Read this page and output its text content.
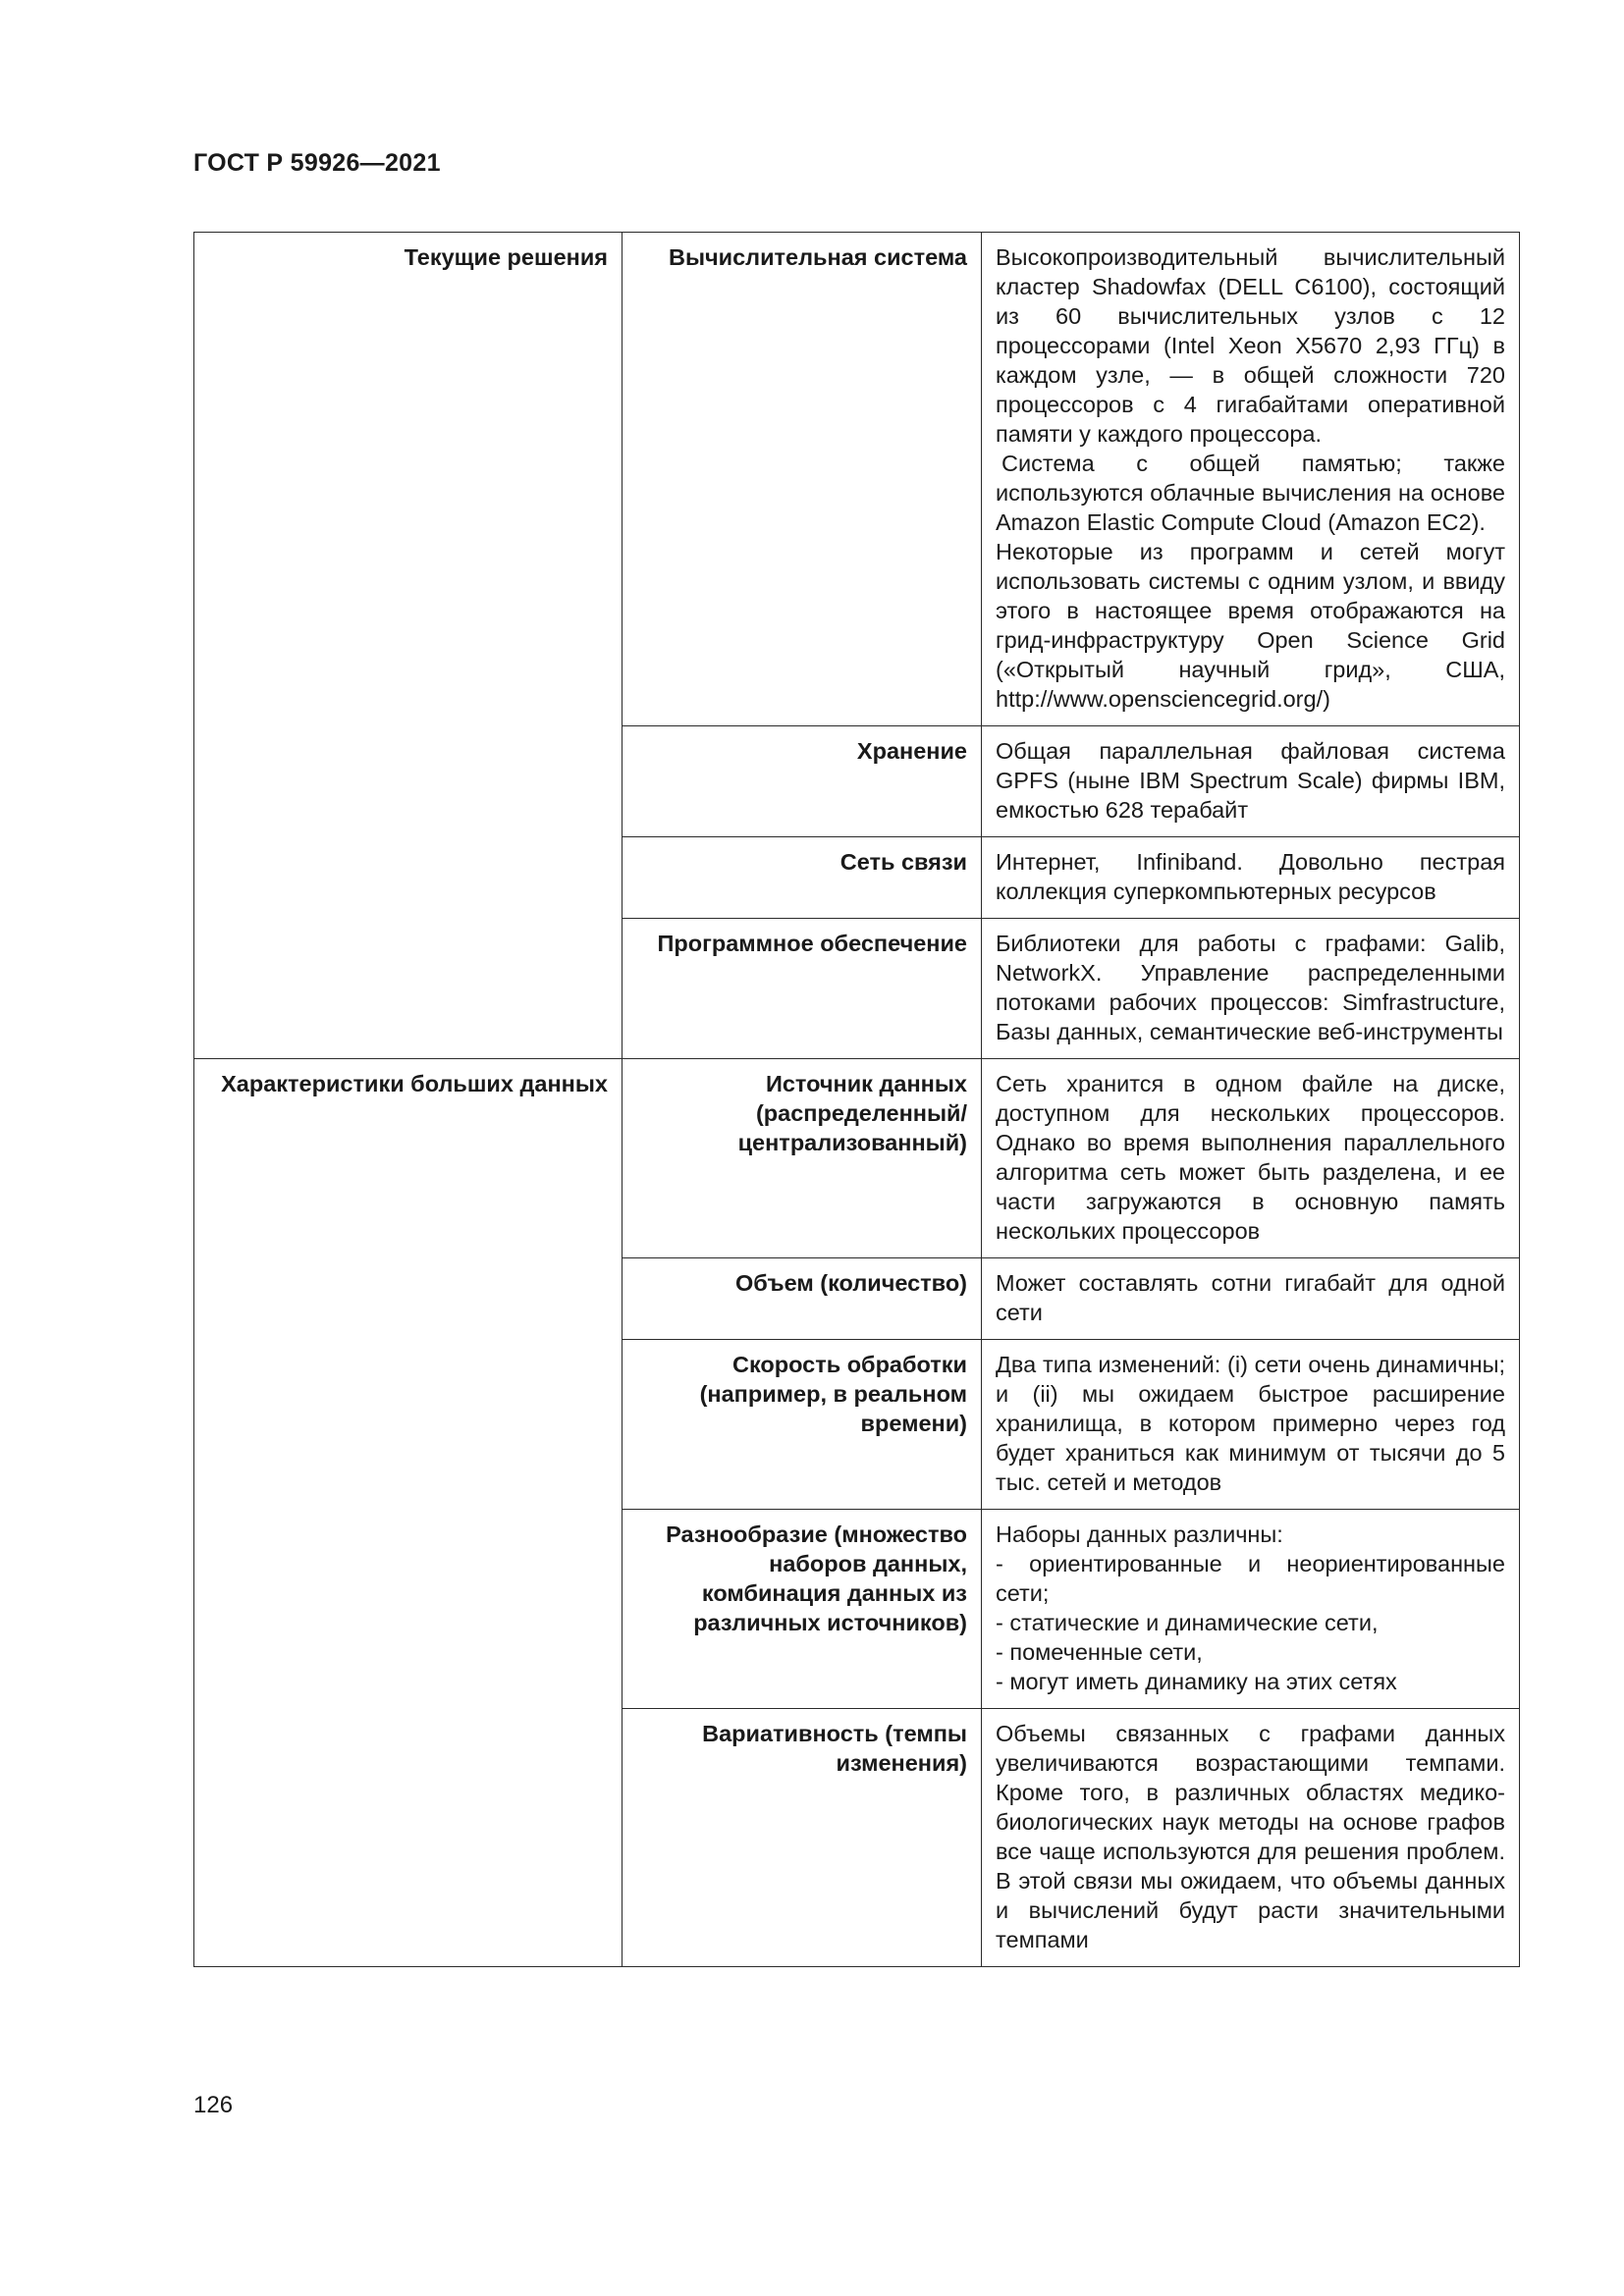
ГОСТ Р 59926—2021
Текущие решения	Вычислительная система	Высокопроизводительный вычислительный кластер Shadowfax (DELL C6100), состоящий из 60 вычислительных узлов с 12 процессорами (Intel Xeon X5670 2,93 ГГц) в каждом узле, — в общей сложности 720 процессоров с 4 гигабайтами оперативной памяти у каждого процессора.
Система с общей памятью; также используются облачные вычисления на основе Amazon Elastic Compute Cloud (Amazon EC2).
Некоторые из программ и сетей могут использовать системы с одним узлом, и ввиду этого в настоящее время отображаются на грид-инфраструктуру Open Science Grid («Открытый научный грид», США, http://www.opensciencegrid.org/)

	Хранение	Общая параллельная файловая система GPFS (ныне IBM Spectrum Scale) фирмы IBM, емкостью 628 терабайт

	Сеть связи	Интернет, Infiniband. Довольно пестрая коллекция суперкомпьютерных ресурсов

	Программное обеспечение	Библиотеки для работы с графами: Galib, NetworkX. Управление распределенными потоками рабочих процессов: Simfrastructure, Базы данных, семантические веб-инструменты

Характеристики больших данных	Источник данных (распределенный/централизованный)	Сеть хранится в одном файле на диске, доступном для нескольких процессоров. Однако во время выполнения параллельного алгоритма сеть может быть разделена, и ее части загружаются в основную память нескольких процессоров

	Объем (количество)	Может составлять сотни гигабайт для одной сети

	Скорость обработки (например, в реальном времени)	Два типа изменений: (i) сети очень динамичны; и (ii) мы ожидаем быстрое расширение хранилища, в котором примерно через год будет храниться как минимум от тысячи до 5 тыс. сетей и методов

	Разнообразие (множество наборов данных, комбинация данных из различных источников)	Наборы данных различны:
- ориентированные и неориентированные сети;
- статические и динамические сети,
- помеченные сети,
- могут иметь динамику на этих сетях

	Вариативность (темпы изменения)	Объемы связанных с графами данных увеличиваются возрастающими темпами. Кроме того, в различных областях медико-биологических наук методы на основе графов все чаще используются для решения проблем. В этой связи мы ожидаем, что объемы данных и вычислений будут расти значительными темпами
126
